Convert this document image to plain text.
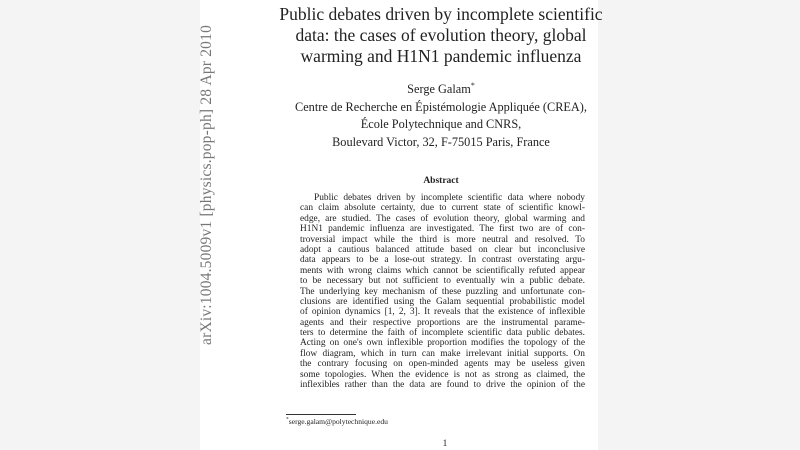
arXiv:1004.5009v1 [physics.pop-ph] 28 Apr 2010
Public debates driven by incomplete scientific
data: the cases of evolution theory, global
warming and H1N1 pandemic influenza
Serge Galam*
Centre de Recherche en Épistémologie Appliquée (CREA),
École Polytechnique and CNRS,
Boulevard Victor, 32, F-75015 Paris, France
Abstract
Public debates driven by incomplete scientific data where nobody
can claim absolute certainty, due to current state of scientific knowl-
edge, are studied. The cases of evolution theory, global warming and
H1N1 pandemic influenza are investigated. The first two are of con-
troversial impact while the third is more neutral and resolved. To
adopt a cautious balanced attitude based on clear but inconclusive
data appears to be a lose-out strategy. In contrast overstating argu-
ments with wrong claims which cannot be scientifically refuted appear
to be necessary but not sufficient to eventually win a public debate.
The underlying key mechanism of these puzzling and unfortunate con-
clusions are identified using the Galam sequential probabilistic model
of opinion dynamics [1, 2, 3]. It reveals that the existence of inflexible
agents and their respective proportions are the instrumental parame-
ters to determine the faith of incomplete scientific data public debates.
Acting on one's own inflexible proportion modifies the topology of the
flow diagram, which in turn can make irrelevant initial supports. On
the contrary focusing on open-minded agents may be useless given
some topologies. When the evidence is not as strong as claimed, the
inflexibles rather than the data are found to drive the opinion of the
*serge.galam@polytechnique.edu
1
